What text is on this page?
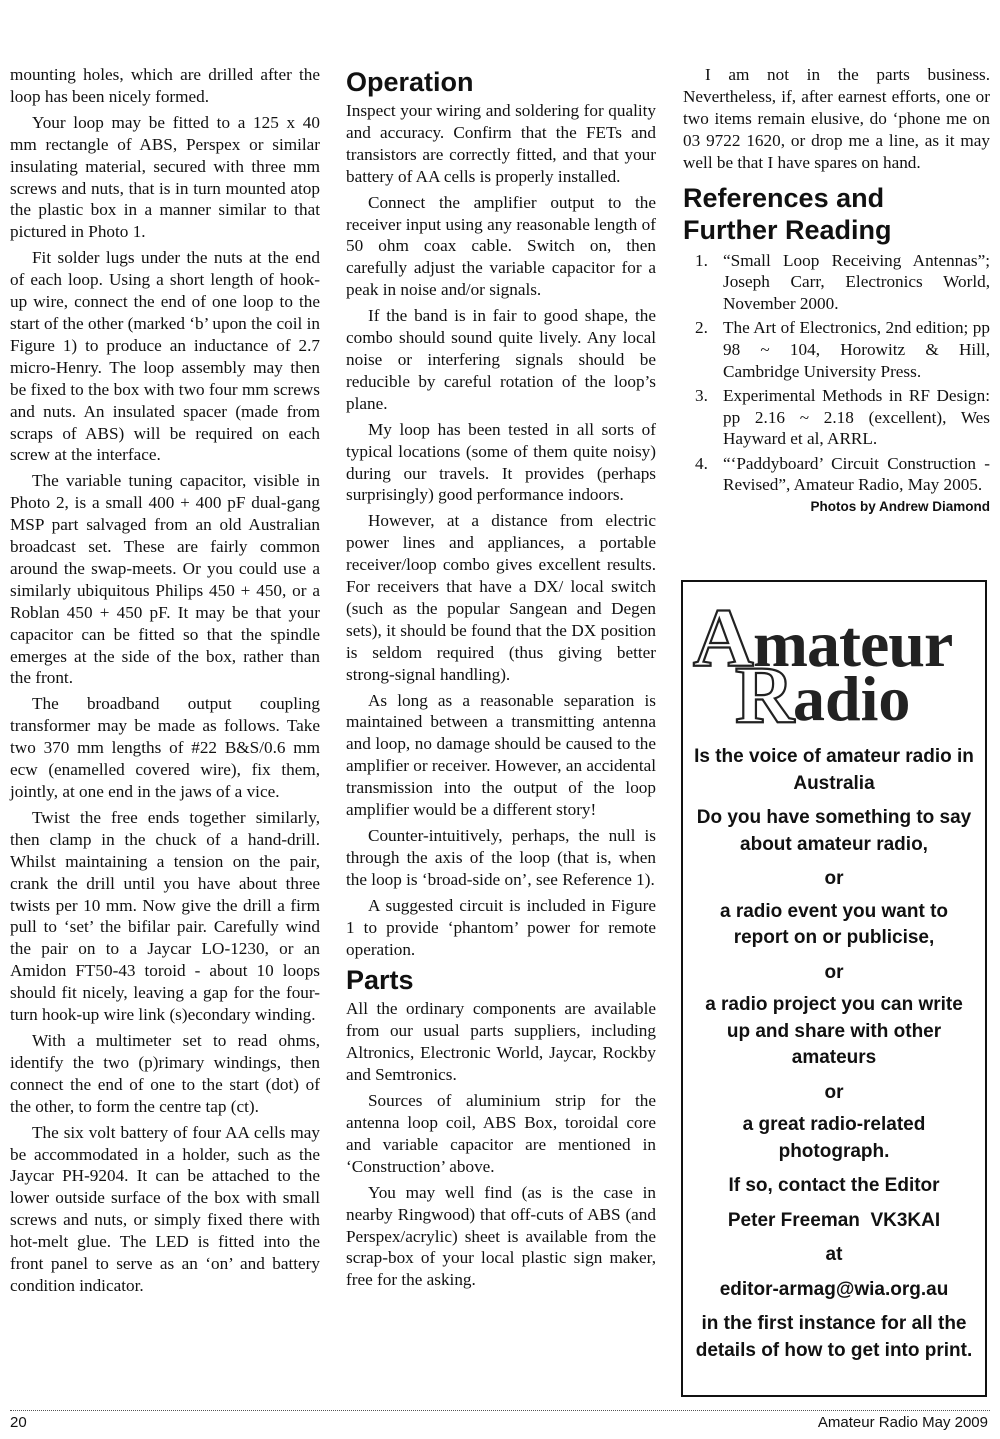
mounting holes, which are drilled after the loop has been nicely formed.

Your loop may be fitted to a 125 x 40 mm rectangle of ABS, Perspex or similar insulating material, secured with three mm screws and nuts, that is in turn mounted atop the plastic box in a manner similar to that pictured in Photo 1.

Fit solder lugs under the nuts at the end of each loop. Using a short length of hook-up wire, connect the end of one loop to the start of the other (marked ‘b’ upon the coil in Figure 1) to produce an inductance of 2.7 micro-Henry. The loop assembly may then be fixed to the box with two four mm screws and nuts. An insulated spacer (made from scraps of ABS) will be required on each screw at the interface.

The variable tuning capacitor, visible in Photo 2, is a small 400 + 400 pF dual-gang MSP part salvaged from an old Australian broadcast set. These are fairly common around the swap-meets. Or you could use a similarly ubiquitous Philips 450 + 450, or a Roblan 450 + 450 pF. It may be that your capacitor can be fitted so that the spindle emerges at the side of the box, rather than the front.

The broadband output coupling transformer may be made as follows. Take two 370 mm lengths of #22 B&S/0.6 mm ecw (enamelled covered wire), fix them, jointly, at one end in the jaws of a vice.

Twist the free ends together similarly, then clamp in the chuck of a hand-drill. Whilst maintaining a tension on the pair, crank the drill until you have about three twists per 10 mm. Now give the drill a firm pull to ‘set’ the bifilar pair. Carefully wind the pair on to a Jaycar LO-1230, or an Amidon FT50-43 toroid - about 10 loops should fit nicely, leaving a gap for the four-turn hook-up wire link (s)econdary winding.

With a multimeter set to read ohms, identify the two (p)rimary windings, then connect the end of one to the start (dot) of the other, to form the centre tap (ct).

The six volt battery of four AA cells may be accommodated in a holder, such as the Jaycar PH-9204. It can be attached to the lower outside surface of the box with small screws and nuts, or simply fixed there with hot-melt glue. The LED is fitted into the front panel to serve as an ‘on’ and battery condition indicator.

Operation

Inspect your wiring and soldering for quality and accuracy. Confirm that the FETs and transistors are correctly fitted, and that your battery of AA cells is properly installed.

Connect the amplifier output to the receiver input using any reasonable length of 50 ohm coax cable. Switch on, then carefully adjust the variable capacitor for a peak in noise and/or signals.

If the band is in fair to good shape, the combo should sound quite lively. Any local noise or interfering signals should be reducible by careful rotation of the loop’s plane.

My loop has been tested in all sorts of typical locations (some of them quite noisy) during our travels. It provides (perhaps surprisingly) good performance indoors.

However, at a distance from electric power lines and appliances, a portable receiver/loop combo gives excellent results. For receivers that have a DX/ local switch (such as the popular Sangean and Degen sets), it should be found that the DX position is seldom required (thus giving better strong-signal handling).

As long as a reasonable separation is maintained between a transmitting antenna and loop, no damage should be caused to the amplifier or receiver. However, an accidental transmission into the output of the loop amplifier would be a different story!

Counter-intuitively, perhaps, the null is through the axis of the loop (that is, when the loop is ‘broad-side on’, see Reference 1).

A suggested circuit is included in Figure 1 to provide ‘phantom’ power for remote operation.

Parts

All the ordinary components are available from our usual parts suppliers, including Altronics, Electronic World, Jaycar, Rockby and Semtronics.

Sources of aluminium strip for the antenna loop coil, ABS Box, toroidal core and variable capacitor are mentioned in ‘Construction’ above.

You may well find (as is the case in nearby Ringwood) that off-cuts of ABS (and Perspex/acrylic) sheet is available from the scrap-box of your local plastic sign maker, free for the asking.

I am not in the parts business. Nevertheless, if, after earnest efforts, one or two items remain elusive, do ‘phone me on 03 9722 1620, or drop me a line, as it may well be that I have spares on hand.

References and
Further Reading
1. “Small Loop Receiving Antennas”; Joseph Carr, Electronics World, November 2000.
2. The Art of Electronics, 2nd edition; pp 98 ~ 104, Horowitz & Hill, Cambridge University Press.
3. Experimental Methods in RF Design: pp 2.16 ~ 2.18 (excellent), Wes Hayward et al, ARRL.
4. “‘Paddyboard’ Circuit Construction - Revised”, Amateur Radio, May 2005.
Photos by Andrew Diamond
A mateur
R
adio
Is the voice of amateur radio in Australia
Do you have something to say about amateur radio,
or
a radio event you want to report on or publicise,
or
a radio project you can write up and share with other amateurs
or
a great radio-related photograph.
If so, contact the Editor
Peter Freeman  VK3KAI
at
editor-armag@wia.org.au
in the first instance for all the details of how to get into print.
20	Amateur Radio May 2009
